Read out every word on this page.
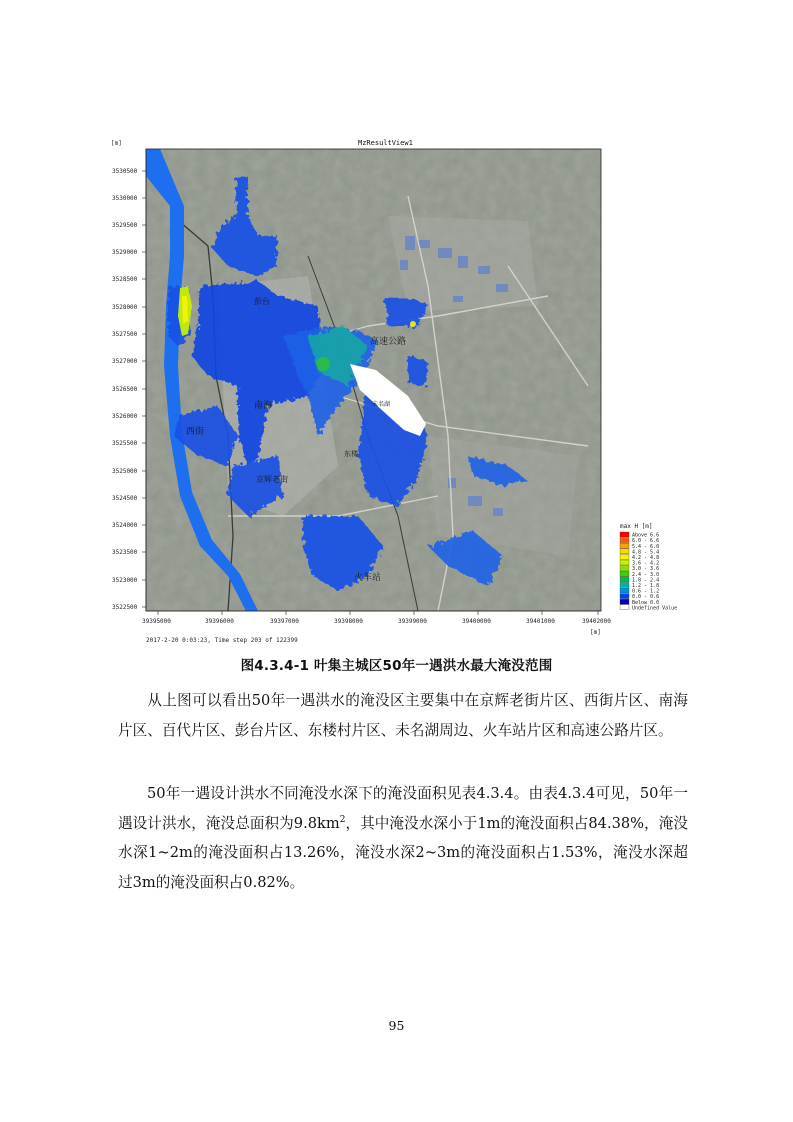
MzResultView1
[m]
高速公路
未名湖
西街
南海
东楼
火车站
京辉老街
彭台
3530500
3530000
3529500
3529000
3528500
3528000
3527500
3527000
3526500
3526000
3525500
3525000
3524500
3524000
3523500
3523000
3522500
39395000	39396000	39397000	39398000	39399000	39400000	39401000	39402000
[m]
2017-2-20 0:03:23, Time step 203 of 122399
max H [m]
Above 6.6
6.0 - 6.6
5.4 - 6.0
4.8 - 5.4
4.2 - 4.8
3.6 - 4.2
3.0 - 3.6
2.4 - 3.0
1.8 - 2.4
1.2 - 1.8
0.6 - 1.2
0.0 - 0.6
Below 0.0
Undefined Value
图4.3.4-1 叶集主城区50年一遇洪水最大淹没范围
从上图可以看出50年一遇洪水的淹没区主要集中在京辉老街片区、西街片区、南海片区、百代片区、彭台片区、东楼村片区、未名湖周边、火车站片区和高速公路片区。
50年一遇设计洪水不同淹没水深下的淹没面积见表4.3.4。由表4.3.4可见，50年一遇设计洪水，淹没总面积为$9.8km^2$，其中淹没水深小于1m的淹没面积占84.38%，淹没水深1~2m的淹没面积占13.26%，淹没水深2~3m的淹没面积占1.53%，淹没水深超过3m的淹没面积占0.82%。
95
